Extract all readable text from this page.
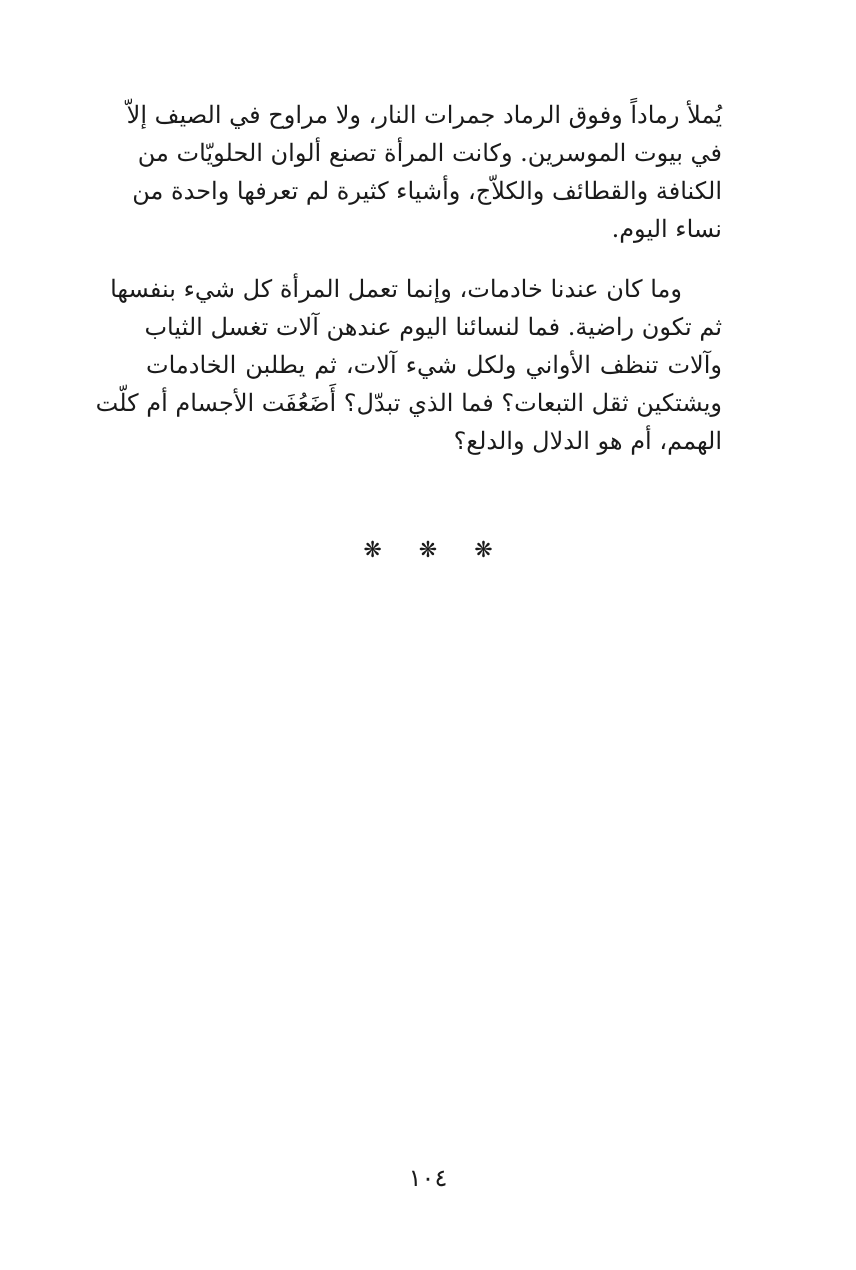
يُملأ رماداً وفوق الرماد جمرات النار، ولا مراوح في الصيف إلاّ
في بيوت الموسرين. وكانت المرأة تصنع ألوان الحلويّات من
الكنافة والقطائف والكلاّج، وأشياء كثيرة لم تعرفها واحدة من
نساء اليوم.
وما كان عندنا خادمات، وإنما تعمل المرأة كل شيء بنفسها
ثم تكون راضية. فما لنسائنا اليوم عندهن آلات تغسل الثياب
وآلات تنظف الأواني ولكل شيء آلات، ثم يطلبن الخادمات
ويشتكين ثقل التبعات؟ فما الذي تبدّل؟ أَضَعُفَت الأجسام أم كلّت
الهمم، أم هو الدلال والدلع؟
❋ ❋ ❋
١٠٤
